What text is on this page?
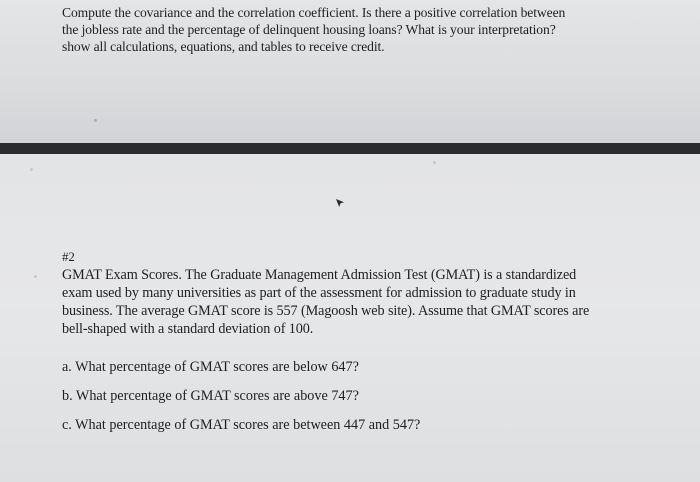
Compute the covariance and the correlation coefficient. Is there a positive correlation between
the jobless rate and the percentage of delinquent housing loans? What is your interpretation?
show all calculations, equations, and tables to receive credit.
#2
GMAT Exam Scores. The Graduate Management Admission Test (GMAT) is a standardized
exam used by many universities as part of the assessment for admission to graduate study in
business. The average GMAT score is 557 (Magoosh web site). Assume that GMAT scores are
bell-shaped with a standard deviation of 100.
a. What percentage of GMAT scores are below 647?
b. What percentage of GMAT scores are above 747?
c. What percentage of GMAT scores are between 447 and 547?
